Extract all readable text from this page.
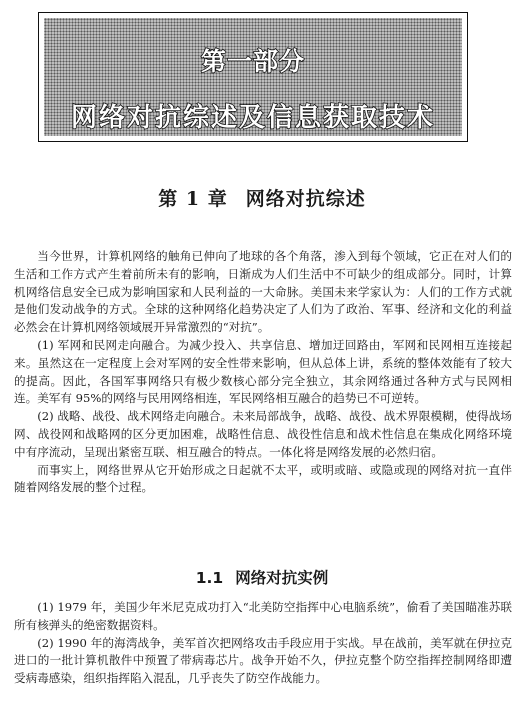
第一部分
网络对抗综述及信息获取技术
第 1 章 网络对抗综述

当今世界，计算机网络的触角已伸向了地球的各个角落，渗入到每个领域，它正在对人们的生活和工作方式产生着前所未有的影响，日渐成为人们生活中不可缺少的组成部分。同时，计算机网络信息安全已成为影响国家和人民利益的一大命脉。美国未来学家认为：人们的工作方式就是他们发动战争的方式。全球的这种网络化趋势决定了人们为了政治、军事、经济和文化的利益必然会在计算机网络领域展开异常激烈的“对抗”。

(1) 军网和民网走向融合。为减少投入、共享信息、增加迂回路由，军网和民网相互连接起来。虽然这在一定程度上会对军网的安全性带来影响，但从总体上讲，系统的整体效能有了较大的提高。因此，各国军事网络只有极少数核心部分完全独立，其余网络通过各种方式与民网相连。美军有 95%的网络与民用网络相连，军民网络相互融合的趋势已不可逆转。

(2) 战略、战役、战术网络走向融合。未来局部战争，战略、战役、战术界限模糊，使得战场网、战役网和战略网的区分更加困难，战略性信息、战役性信息和战术性信息在集成化网络环境中有序流动，呈现出紧密互联、相互融合的特点。一体化将是网络发展的必然归宿。

而事实上，网络世界从它开始形成之日起就不太平，或明或暗、或隐或现的网络对抗一直伴随着网络发展的整个过程。

1.1 网络对抗实例

(1) 1979 年，美国少年米尼克成功打入“北美防空指挥中心电脑系统”，偷看了美国瞄准苏联所有核弹头的绝密数据资料。

(2) 1990 年的海湾战争，美军首次把网络攻击手段应用于实战。早在战前，美军就在伊拉克进口的一批计算机散件中预置了带病毒芯片。战争开始不久，伊拉克整个防空指挥控制网络即遭受病毒感染，组织指挥陷入混乱，几乎丧失了防空作战能力。
